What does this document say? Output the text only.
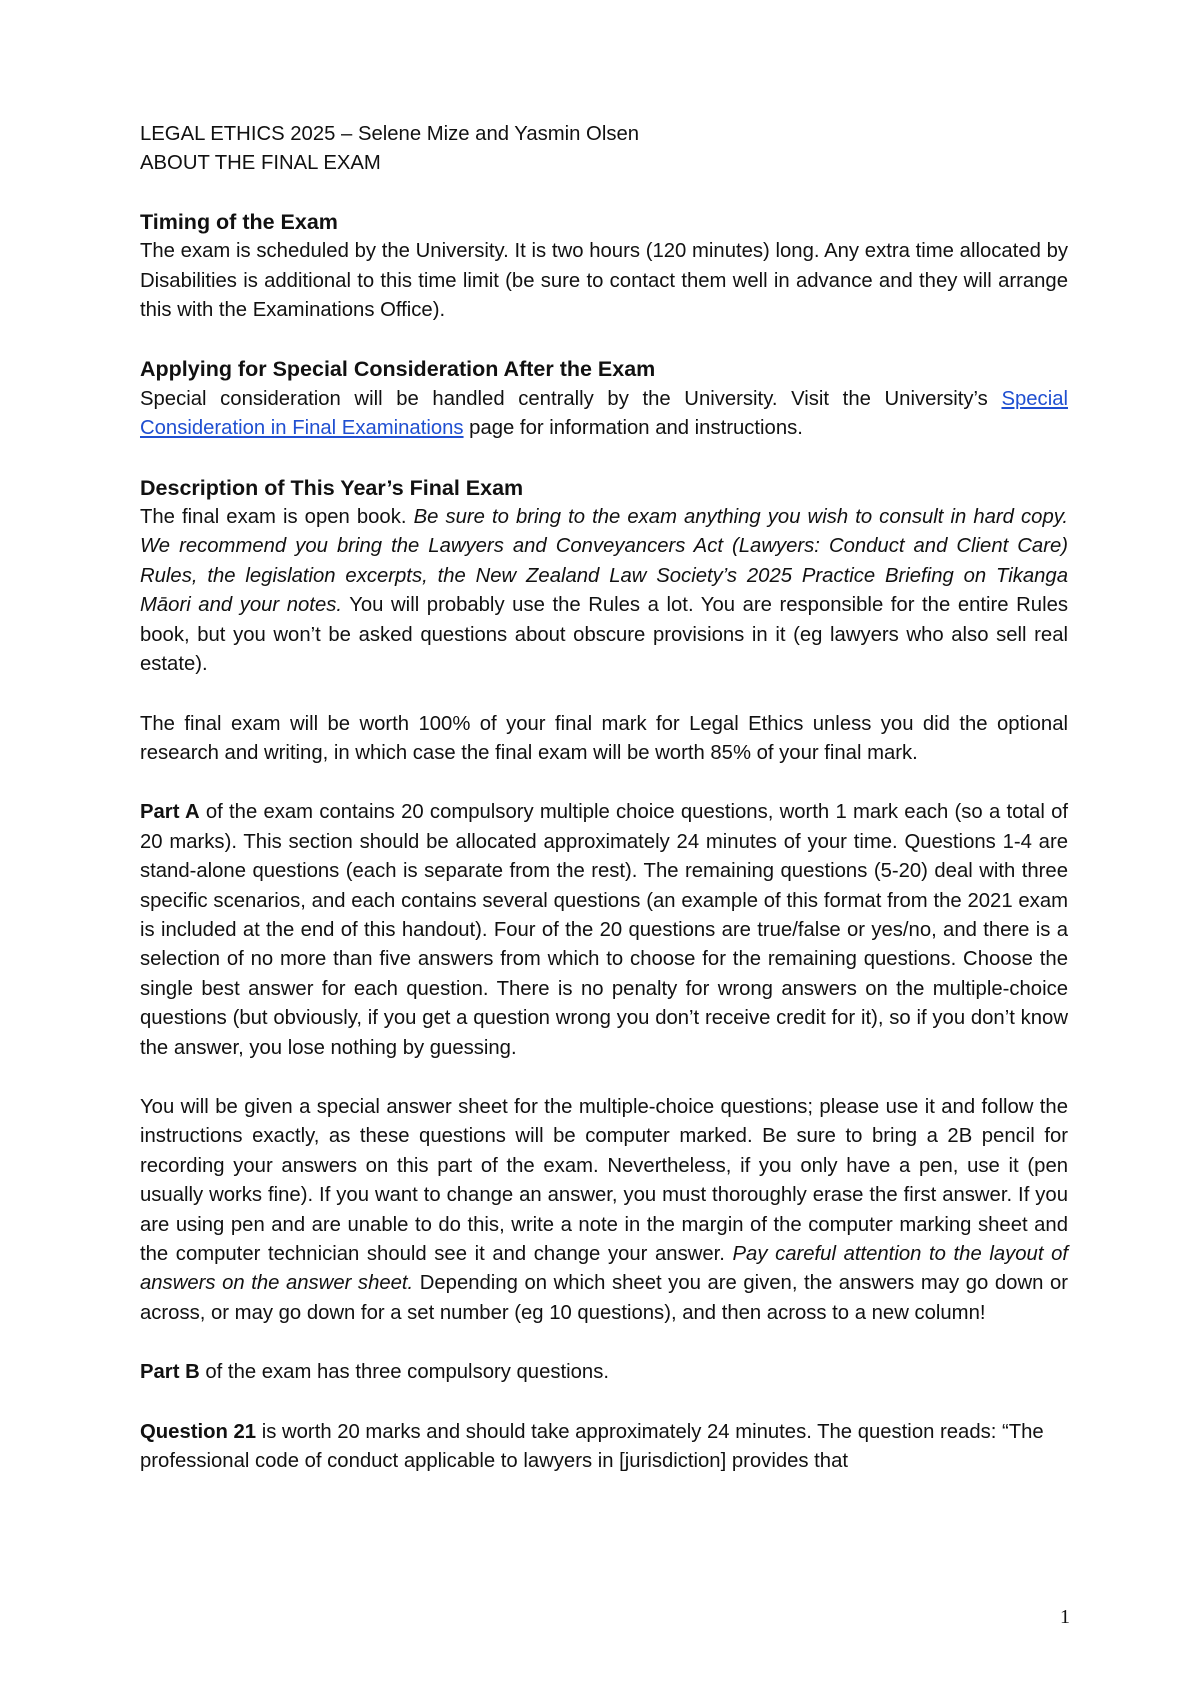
LEGAL ETHICS 2025 – Selene Mize and Yasmin Olsen

ABOUT THE FINAL EXAM

Timing of the Exam

The exam is scheduled by the University. It is two hours (120 minutes) long. Any extra time allocated by Disabilities is additional to this time limit (be sure to contact them well in advance and they will arrange this with the Examinations Office).

Applying for Special Consideration After the Exam

Special consideration will be handled centrally by the University. Visit the University’s Special Consideration in Final Examinations page for information and instructions.

Description of This Year’s Final Exam

The final exam is open book. Be sure to bring to the exam anything you wish to consult in hard copy. We recommend you bring the Lawyers and Conveyancers Act (Lawyers: Conduct and Client Care) Rules, the legislation excerpts, the New Zealand Law Society’s 2025 Practice Briefing on Tikanga Māori and your notes. You will probably use the Rules a lot. You are responsible for the entire Rules book, but you won’t be asked questions about obscure provisions in it (eg lawyers who also sell real estate).

The final exam will be worth 100% of your final mark for Legal Ethics unless you did the optional research and writing, in which case the final exam will be worth 85% of your final mark.

Part A of the exam contains 20 compulsory multiple choice questions, worth 1 mark each (so a total of 20 marks). This section should be allocated approximately 24 minutes of your time. Questions 1-4 are stand-alone questions (each is separate from the rest). The remaining questions (5-20) deal with three specific scenarios, and each contains several questions (an example of this format from the 2021 exam is included at the end of this handout). Four of the 20 questions are true/false or yes/no, and there is a selection of no more than five answers from which to choose for the remaining questions. Choose the single best answer for each question. There is no penalty for wrong answers on the multiple-choice questions (but obviously, if you get a question wrong you don’t receive credit for it), so if you don’t know the answer, you lose nothing by guessing.

You will be given a special answer sheet for the multiple-choice questions; please use it and follow the instructions exactly, as these questions will be computer marked. Be sure to bring a 2B pencil for recording your answers on this part of the exam. Nevertheless, if you only have a pen, use it (pen usually works fine). If you want to change an answer, you must thoroughly erase the first answer. If you are using pen and are unable to do this, write a note in the margin of the computer marking sheet and the computer technician should see it and change your answer. Pay careful attention to the layout of answers on the answer sheet. Depending on which sheet you are given, the answers may go down or across, or may go down for a set number (eg 10 questions), and then across to a new column!

Part B of the exam has three compulsory questions.

Question 21 is worth 20 marks and should take approximately 24 minutes. The question reads: “The professional code of conduct applicable to lawyers in [jurisdiction] provides that

1
